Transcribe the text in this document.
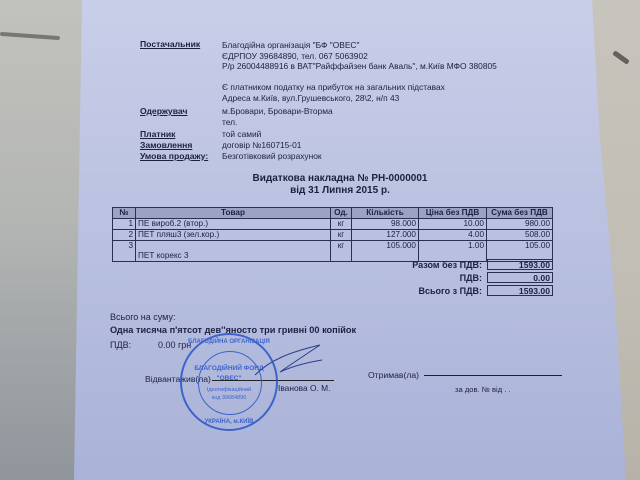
Постачальник	Благодійна організація "БФ "ОВЕС"
ЄДРПОУ 39684890, тел. 067 5063902
Р/р 26004488916 в ВАТ"Райффайзен банк Аваль", м.Київ МФО 380805
Є платником податку на прибуток на загальних підставах
Адреса м.Київ, вул.Грушевського, 28\2, н/п 43
Одержувач	м.Бровари, Бровари-Вторма
тел.
Платник	той самий
Замовлення	договір №160715-01
Умова продажу: Безготівковий розрахунок
Видаткова накладна № РН-0000001
від 31 Липня 2015 р.
№	Товар	Од.	Кількість	Ціна без ПДВ	Сума без ПДВ
1	ПЕ вироб.2 (втор.)	кг	98.000	10.00	980.00
2	ПЕТ пляш3 (зел.кор.)	кг	127.000	4.00	508.00
3	ПЕТ корекс 3	кг	105.000	1.00	105.00
Разом без ПДВ:	1593.00
ПДВ:	0.00
Всього з ПДВ:	1593.00
Всього на суму:
Одна тисяча п'ятсот дев''яносто три гривні 00 копійок
ПДВ:	0.00 грн
Відвантажив(ла)
Іванова О. М.
Отримав(ла)
за дов. № від . .
БЛАГОДІЙНА ОРГАНІЗАЦІЯ
БЛАГОДІЙНИЙ ФОНД
"ОВЕС"
Ідентифікаційний
код 39684890
УКРАЇНА, м.КИЇВ
